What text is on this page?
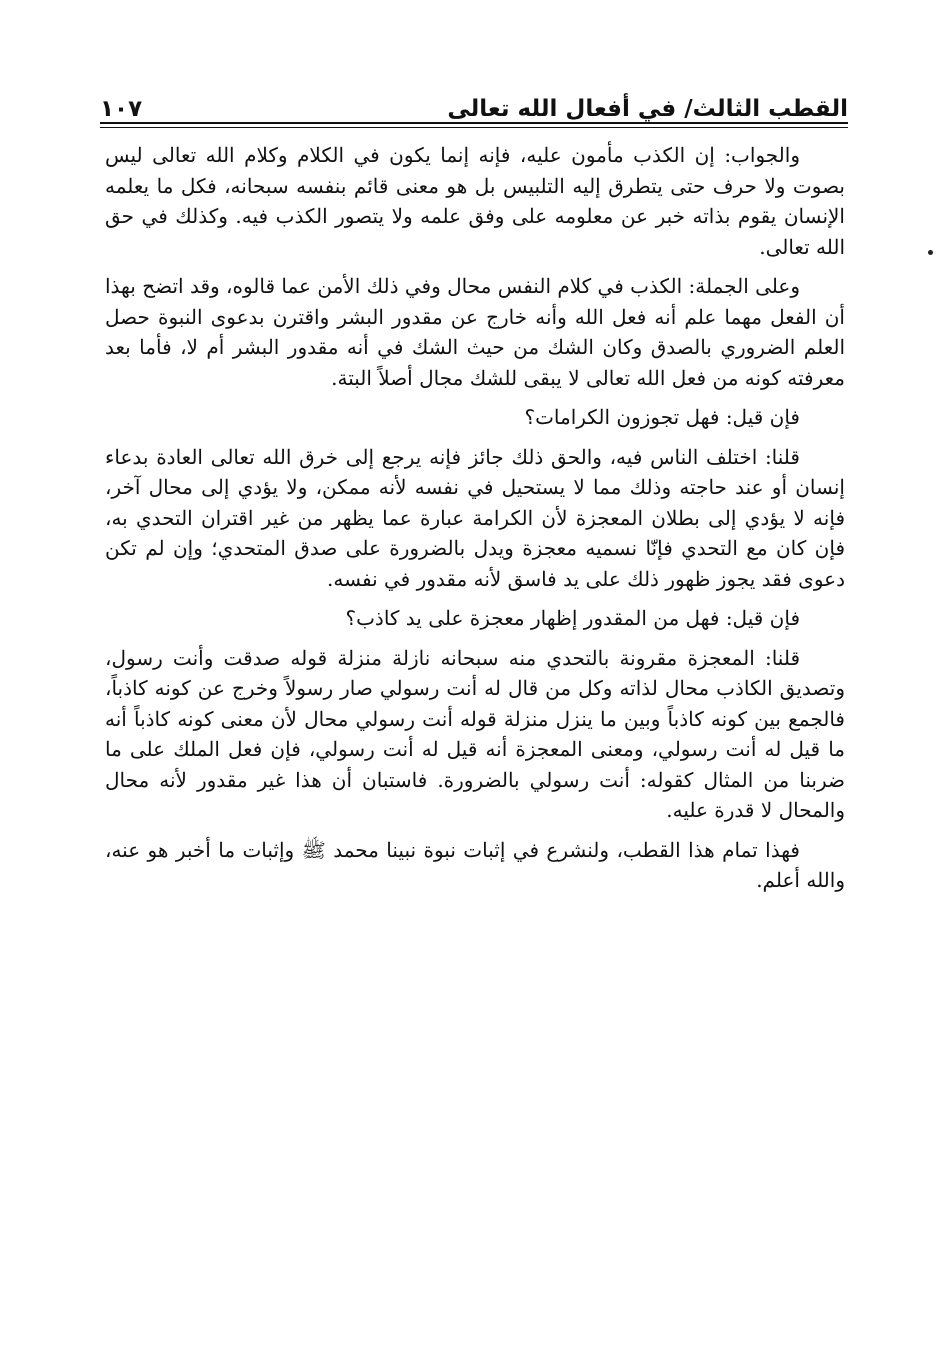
١٠٧	القطب الثالث/ في أفعال الله تعالى

والجواب: إن الكذب مأمون عليه، فإنه إنما يكون في الكلام وكلام الله تعالى ليس بصوت ولا حرف حتى يتطرق إليه التلبيس بل هو معنى قائم بنفسه سبحانه، فكل ما يعلمه الإنسان يقوم بذاته خبر عن معلومه على وفق علمه ولا يتصور الكذب فيه. وكذلك في حق الله تعالى.

وعلى الجملة: الكذب في كلام النفس محال وفي ذلك الأمن عما قالوه، وقد اتضح بهذا أن الفعل مهما علم أنه فعل الله وأنه خارج عن مقدور البشر واقترن بدعوى النبوة حصل العلم الضروري بالصدق وكان الشك من حيث الشك في أنه مقدور البشر أم لا، فأما بعد معرفته كونه من فعل الله تعالى لا يبقى للشك مجال أصلاً البتة.

فإن قيل: فهل تجوزون الكرامات؟

قلنا: اختلف الناس فيه، والحق ذلك جائز فإنه يرجع إلى خرق الله تعالى العادة بدعاء إنسان أو عند حاجته وذلك مما لا يستحيل في نفسه لأنه ممكن، ولا يؤدي إلى محال آخر، فإنه لا يؤدي إلى بطلان المعجزة لأن الكرامة عبارة عما يظهر من غير اقتران التحدي به، فإن كان مع التحدي فإنّا نسميه معجزة ويدل بالضرورة على صدق المتحدي؛ وإن لم تكن دعوى فقد يجوز ظهور ذلك على يد فاسق لأنه مقدور في نفسه.

فإن قيل: فهل من المقدور إظهار معجزة على يد كاذب؟

قلنا: المعجزة مقرونة بالتحدي منه سبحانه نازلة منزلة قوله صدقت وأنت رسول، وتصديق الكاذب محال لذاته وكل من قال له أنت رسولي صار رسولاً وخرج عن كونه كاذباً، فالجمع بين كونه كاذباً وبين ما ينزل منزلة قوله أنت رسولي محال لأن معنى كونه كاذباً أنه ما قيل له أنت رسولي، ومعنى المعجزة أنه قيل له أنت رسولي، فإن فعل الملك على ما ضربنا من المثال كقوله: أنت رسولي بالضرورة. فاستبان أن هذا غير مقدور لأنه محال والمحال لا قدرة عليه.

فهذا تمام هذا القطب، ولنشرع في إثبات نبوة نبينا محمد ﷺ وإثبات ما أخبر هو عنه، والله أعلم.
